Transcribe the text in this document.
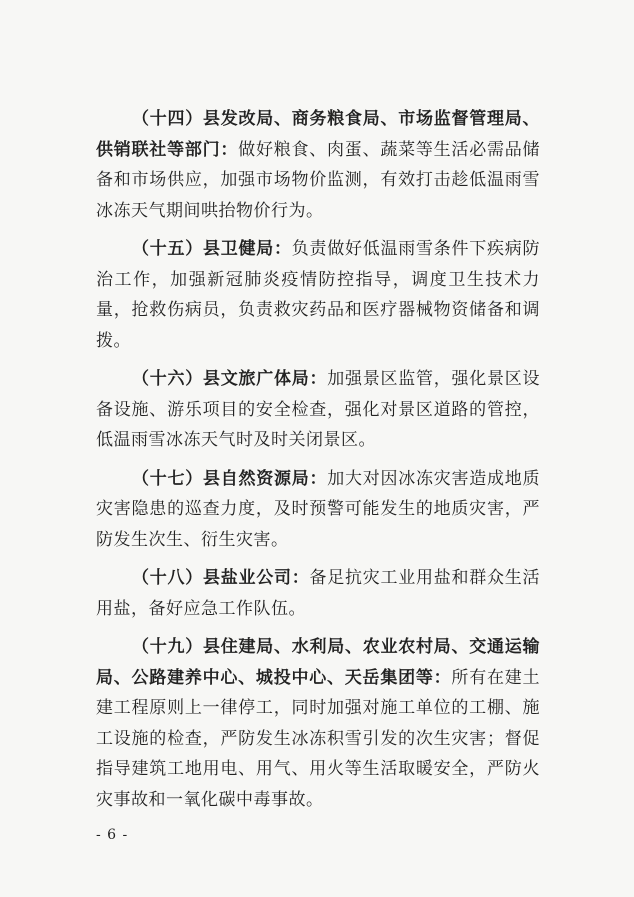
（十四）县发改局、商务粮食局、市场监督管理局、供销联社等部门：做好粮食、肉蛋、蔬菜等生活必需品储备和市场供应，加强市场物价监测，有效打击趁低温雨雪冰冻天气期间哄抬物价行为。

（十五）县卫健局：负责做好低温雨雪条件下疾病防治工作，加强新冠肺炎疫情防控指导，调度卫生技术力量，抢救伤病员，负责救灾药品和医疗器械物资储备和调拨。

（十六）县文旅广体局：加强景区监管，强化景区设备设施、游乐项目的安全检查，强化对景区道路的管控，低温雨雪冰冻天气时及时关闭景区。

（十七）县自然资源局：加大对因冰冻灾害造成地质灾害隐患的巡查力度，及时预警可能发生的地质灾害，严防发生次生、衍生灾害。

（十八）县盐业公司：备足抗灾工业用盐和群众生活用盐，备好应急工作队伍。

（十九）县住建局、水利局、农业农村局、交通运输局、公路建养中心、城投中心、天岳集团等：所有在建土建工程原则上一律停工，同时加强对施工单位的工棚、施工设施的检查，严防发生冰冻积雪引发的次生灾害；督促指导建筑工地用电、用气、用火等生活取暖安全，严防火灾事故和一氧化碳中毒事故。

- 6 -
